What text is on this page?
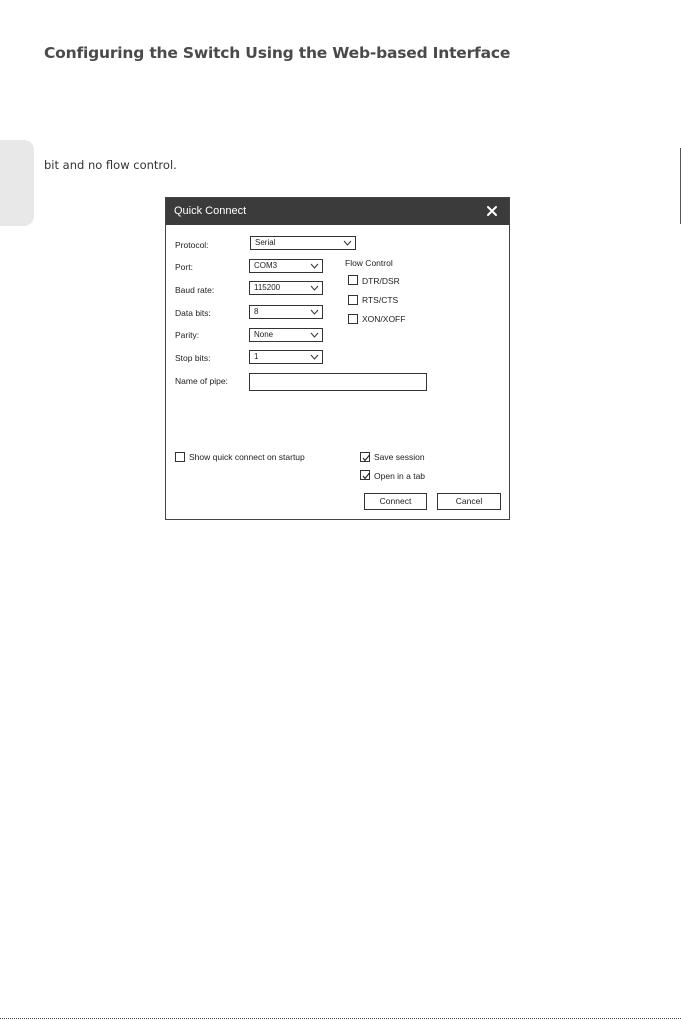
Configuring the Switch Using the Web-based Interface
bit and no flow control.
Quick Connect
Protocol:	Serial
Port:	COM3
Baud rate:	115200
Data bits:	8
Parity:	None
Stop bits:	1
Name of pipe:
Flow Control
DTR/DSR
RTS/CTS
XON/XOFF
Show quick connect on startup	Save session
Open in a tab
Connect	Cancel
